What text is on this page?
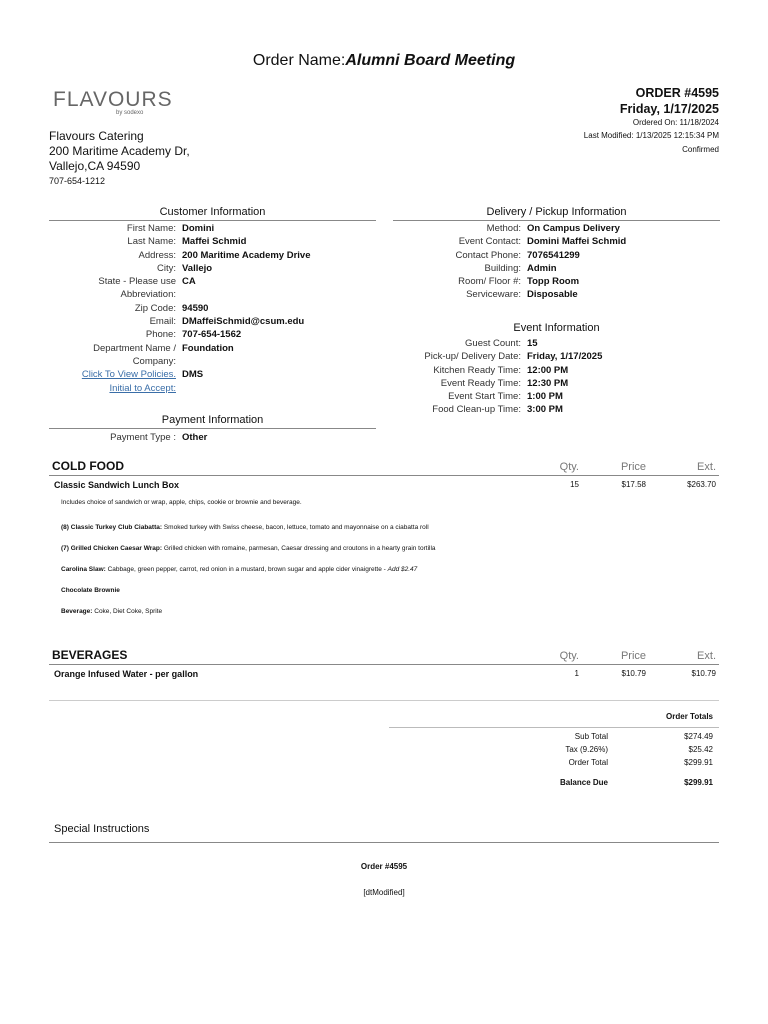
Order Name:Alumni Board Meeting
FLAVOURS
by sodexo
Flavours Catering
200 Maritime Academy Dr,
Vallejo,CA 94590
707-654-1212
ORDER #4595
Friday, 1/17/2025
Ordered On: 11/18/2024
Last Modified: 1/13/2025 12:15:34 PM
Confirmed
Customer Information
First Name: Domini
Last Name: Maffei Schmid
Address: 200 Maritime Academy Drive
City: Vallejo
State - Please use CA
Abbreviation:
Zip Code: 94590
Email: DMaffeiSchmid@csum.edu
Phone: 707-654-1562
Department Name / Foundation
Company:
Click To View Policies. DMS
Initial to Accept:
Payment Information
Payment Type : Other
Delivery / Pickup Information
Method: On Campus Delivery
Event Contact: Domini Maffei Schmid
Contact Phone: 7076541299
Building: Admin
Room/ Floor #: Topp Room
Serviceware: Disposable
Event Information
Guest Count: 15
Pick-up/ Delivery Date: Friday, 1/17/2025
Kitchen Ready Time: 12:00 PM
Event Ready Time: 12:30 PM
Event Start Time: 1:00 PM
Food Clean-up Time: 3:00 PM
COLD FOOD	Qty.	Price	Ext.
Classic Sandwich Lunch Box	15	$17.58	$263.70
Includes choice of sandwich or wrap, apple, chips, cookie or brownie and beverage.
(8) Classic Turkey Club Ciabatta: Smoked turkey with Swiss cheese, bacon, lettuce, tomato and mayonnaise on a ciabatta roll
(7) Grilled Chicken Caesar Wrap: Grilled chicken with romaine, parmesan, Caesar dressing and croutons in a hearty grain tortilla
Carolina Slaw: Cabbage, green pepper, carrot, red onion in a mustard, brown sugar and apple cider vinaigrette - Add $2.47
Chocolate Brownie
Beverage: Coke, Diet Coke, Sprite
BEVERAGES	Qty.	Price	Ext.
Orange Infused Water - per gallon	1	$10.79	$10.79
Order Totals
Sub Total	$274.49
Tax (9.26%)	$25.42
Order Total	$299.91
Balance Due	$299.91
Special Instructions
Order #4595
[dtModified]
